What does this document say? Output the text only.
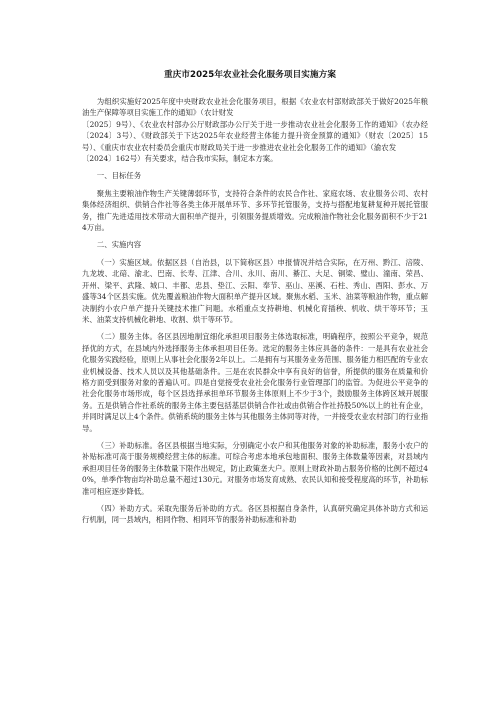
重庆市2025年农业社会化服务项目实施方案

为组织实施好2025年度中央财政农业社会化服务项目，根据《农业农村部财政部关于做好2025年粮油生产保障等项目实施工作的通知》（农计财发

〔2025〕9号）、《农业农村部办公厅财政部办公厅关于进一步推动农业社会化服务工作的通知》（农办经〔2024〕3号）、《财政部关于下达2025年农业经营主体能力提升资金预算的通知》（财农〔2025〕15号）、《重庆市农业农村委员会重庆市财政局关于进一步推进农业社会化服务工作的通知》（渝农发

〔2024〕162号）有关要求，结合我市实际，制定本方案。

一、目标任务

聚焦主要粮油作物生产关键薄弱环节，支持符合条件的农民合作社、家庭农场、农业服务公司、农村集体经济组织、供销合作社等各类主体开展单环节、多环节托管服务，支持与搭配地复耕复种开展托管服务，推广先进适用技术带动大面积单产提升，引领服务提质增效。完成粮油作物社会化服务面积不少于214万亩。

二、实施内容

（一）实施区域。依据区县（自治县，以下简称区县）申报情况并结合实际，在万州、黔江、涪陵、九龙坡、北碚、渝北、巴南、长寿、江津、合川、永川、南川、綦江、大足、铜梁、璧山、潼南、荣昌、开州、梁平、武隆、城口、丰都、忠县、垫江、云阳、奉节、巫山、巫溪、石柱、秀山、酉阳、彭水、万盛等34个区县实施。优先覆盖粮油作物大面积单产提升区域。聚焦水稻、玉米、油菜等粮油作物，重点解决制约小农户单产提升关键技术推广问题。水稻重点支持耕地、机械化育插秧、机收、烘干等环节；玉米、油菜支持机械化耕地、收割、烘干等环节。

（二）服务主体。各区县因地制宜细化承担项目服务主体选取标准，明确程序，按照公平竞争，规范择优的方式，在县域内外选择服务主体承担项目任务。选定的服务主体应具备的条件：一是具有农业社会化服务实践经验，原则上从事社会化服务2年以上。二是拥有与其服务业务范围、服务能力相匹配的专业农业机械设备、技术人员以及其他基础条件。三是在农民群众中享有良好的信誉，所提供的服务在质量和价格方面受到服务对象的普遍认可。四是自觉接受农业社会化服务行业管理部门的监管。为促进公平竞争的社会化服务市场形成，每个区县选择承担单环节服务主体原则上不少于3个，鼓励服务主体跨区域开展服务。五是供销合作社系统的服务主体主要包括基层供销合作社或由供销合作社持股50%以上的社有企业，并同时满足以上4个条件。供销系统的服务主体与其他服务主体同等对待，一并接受农业农村部门的行业指导。

（三）补助标准。各区县根据当地实际，分别确定小农户和其他服务对象的补助标准，服务小农户的补贴标准可高于服务规模经营主体的标准。可综合考虑本地承包地面积、服务主体数量等因素，对县域内承担项目任务的服务主体数量下限作出规定，防止政策垄大户。原则上财政补助占服务价格的比例不超过40%，单季作物亩均补助总量不超过130元。对服务市场发育成熟、农民认知和接受程度高的环节，补助标准可相应逐步降低。

（四）补助方式。采取先服务后补助的方式。各区县根据自身条件，认真研究确定具体补助方式和运行机制，同一县域内，相同作物、相同环节的服务补助标准和补助
